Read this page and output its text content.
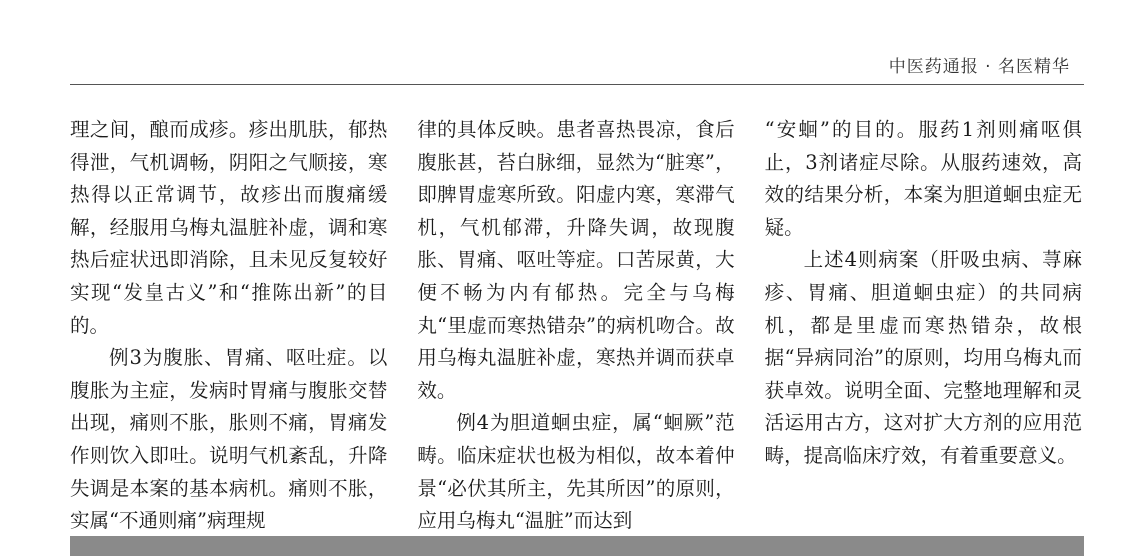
中医药通报 · 名医精华

理之间，酿而成疹。疹出肌肤，郁热得泄，气机调畅，阴阳之气顺接，寒热得以正常调节，故疹出而腹痛缓解，经服用乌梅丸温脏补虚，调和寒热后症状迅即消除，且未见反复较好实现“发皇古义”和“推陈出新”的目的。

例3为腹胀、胃痛、呕吐症。以腹胀为主症，发病时胃痛与腹胀交替出现，痛则不胀，胀则不痛，胃痛发作则饮入即吐。说明气机紊乱，升降失调是本案的基本病机。痛则不胀，实属“不通则痛”病理规

律的具体反映。患者喜热畏凉，食后腹胀甚，苔白脉细，显然为“脏寒”，即脾胃虚寒所致。阳虚内寒，寒滞气机，气机郁滞，升降失调，故现腹胀、胃痛、呕吐等症。口苦尿黄，大便不畅为内有郁热。完全与乌梅丸“里虚而寒热错杂”的病机吻合。故用乌梅丸温脏补虚，寒热并调而获卓效。

例4为胆道蛔虫症，属“蛔厥”范畴。临床症状也极为相似，故本着仲景“必伏其所主，先其所因”的原则，应用乌梅丸“温脏”而达到

“安蛔”的目的。服药1剂则痛呕俱止，3剂诸症尽除。从服药速效，高效的结果分析，本案为胆道蛔虫症无疑。

上述4则病案（肝吸虫病、荨麻疹、胃痛、胆道蛔虫症）的共同病机，都是里虚而寒热错杂，故根据“异病同治”的原则，均用乌梅丸而获卓效。说明全面、完整地理解和灵活运用古方，这对扩大方剂的应用范畴，提高临床疗效，有着重要意义。
